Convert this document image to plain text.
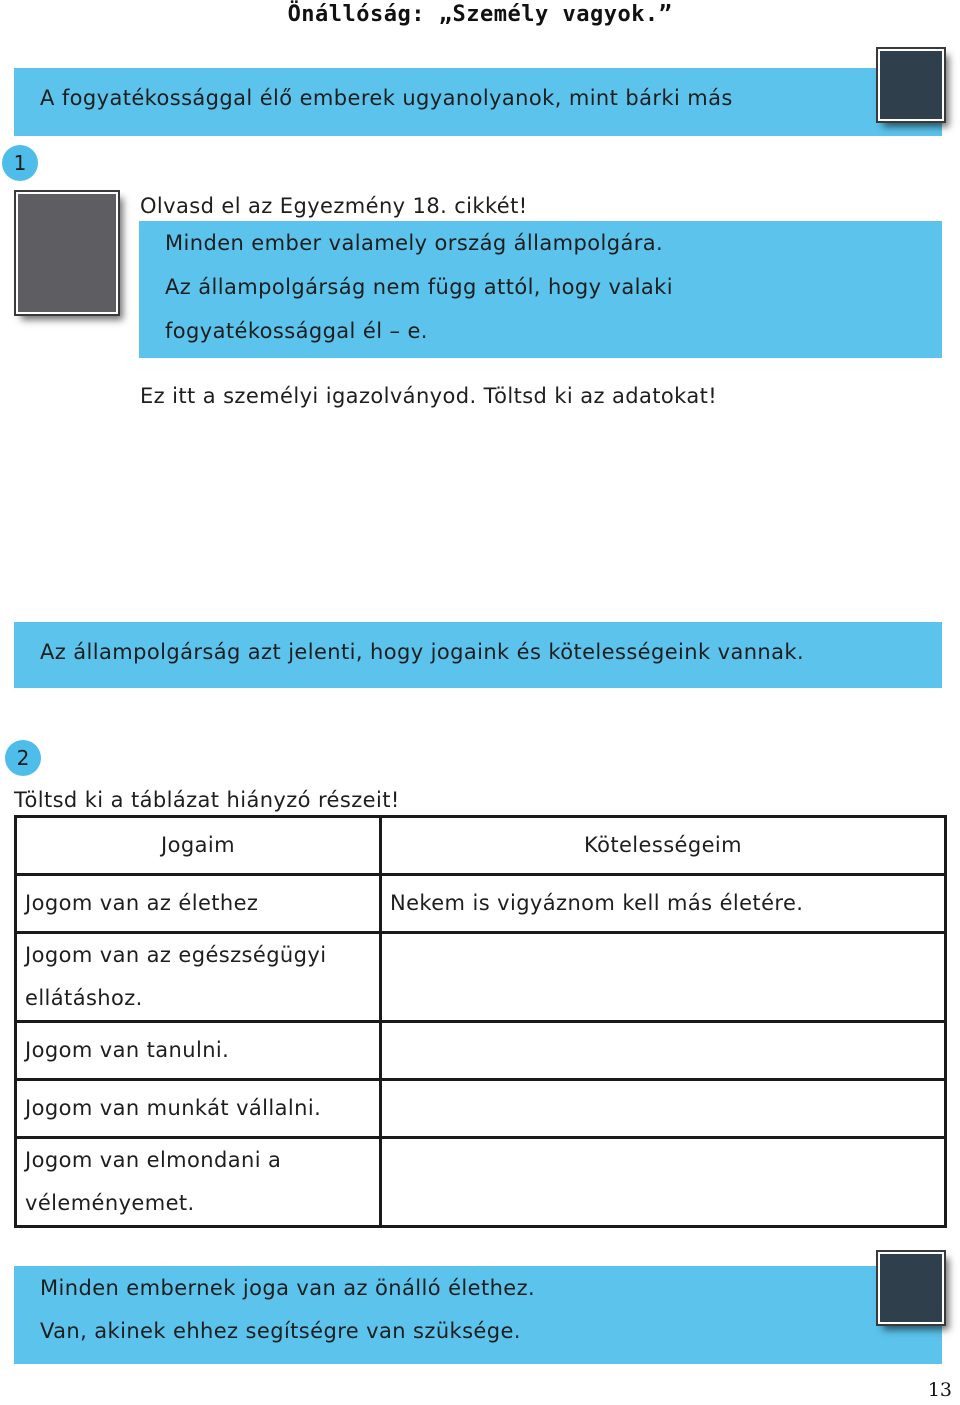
Önállóság: „Személy vagyok.”
A fogyatékossággal élő emberek ugyanolyanok, mint bárki más
1
Olvasd el az Egyezmény 18. cikkét!
Minden ember valamely ország állampolgára.
Az állampolgárság nem függ attól, hogy valaki
fogyatékossággal él – e.
Ez itt a személyi igazolványod. Töltsd ki az adatokat!
Az állampolgárság azt jelenti, hogy jogaink és kötelességeink vannak.
2
Töltsd ki a táblázat hiányzó részeit!
Jogaim	Kötelességeim
Jogom van az élethez	Nekem is vigyáznom kell más életére.
Jogom van az egészségügyi ellátáshoz.	
Jogom van tanulni.	
Jogom van munkát vállalni.	
Jogom van elmondani a véleményemet.	
Minden embernek joga van az önálló élethez.
Van, akinek ehhez segítségre van szüksége.
13
